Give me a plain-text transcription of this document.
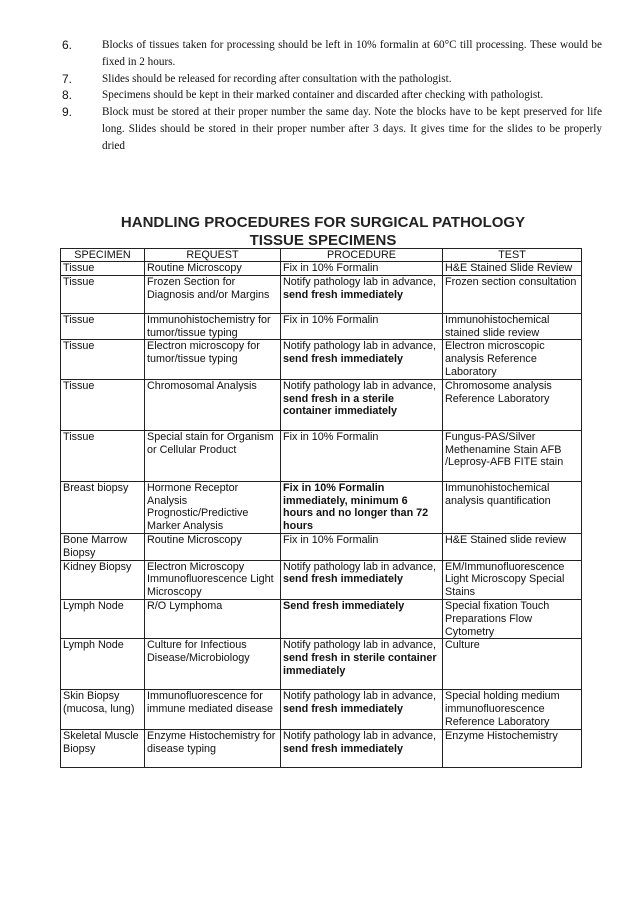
6.	Blocks of tissues taken for processing should be left in 10% formalin at 60°C till processing. These would be fixed in 2 hours.
7.	Slides should be released for recording after consultation with the pathologist.
8.	Specimens should be kept in their marked container and discarded after checking with pathologist.
9.	Block must be stored at their proper number the same day. Note the blocks have to be kept preserved for life long. Slides should be stored in their proper number after 3 days. It gives time for the slides to be properly dried
HANDLING PROCEDURES FOR SURGICAL PATHOLOGY
TISSUE SPECIMENS
SPECIMEN	REQUEST	PROCEDURE	TEST
Tissue	Routine Microscopy	Fix in 10% Formalin	H&E Stained Slide Review
Tissue	Frozen Section for Diagnosis and/or Margins	Notify pathology lab in advance, send fresh immediately	Frozen section consultation
Tissue	Immunohistochemistry for tumor/tissue typing	Fix in 10% Formalin	Immunohistochemical stained slide review
Tissue	Electron microscopy for tumor/tissue typing	Notify pathology lab in advance, send fresh immediately	Electron microscopic analysis Reference Laboratory
Tissue	Chromosomal Analysis	Notify pathology lab in advance, send fresh in a sterile container immediately	Chromosome analysis Reference Laboratory
Tissue	Special stain for Organism or Cellular Product	Fix in 10% Formalin	Fungus-PAS/Silver Methenamine Stain AFB /Leprosy-AFB FITE stain
Breast biopsy	Hormone Receptor Analysis Prognostic/Predictive Marker Analysis	Fix in 10% Formalin immediately, minimum 6 hours and no longer than 72 hours	Immunohistochemical analysis quantification
Bone Marrow Biopsy	Routine Microscopy	Fix in 10% Formalin	H&E Stained slide review
Kidney Biopsy	Electron Microscopy Immunofluorescence Light Microscopy	Notify pathology lab in advance, send fresh immediately	EM/Immunofluorescence Light Microscopy Special Stains
Lymph Node	R/O Lymphoma	Send fresh immediately	Special fixation Touch Preparations Flow Cytometry
Lymph Node	Culture for Infectious Disease/Microbiology	Notify pathology lab in advance, send fresh in sterile container immediately	Culture
Skin Biopsy (mucosa, lung)	Immunofluorescence for immune mediated disease	Notify pathology lab in advance, send fresh immediately	Special holding medium immunofluorescence Reference Laboratory
Skeletal Muscle Biopsy	Enzyme Histochemistry for disease typing	Notify pathology lab in advance, send fresh immediately	Enzyme Histochemistry
